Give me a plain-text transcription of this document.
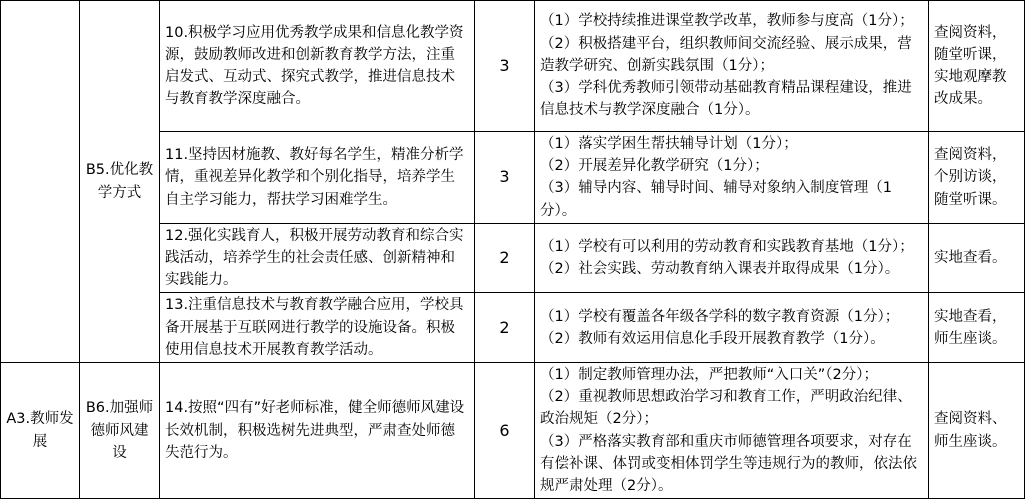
	B5.优化教学方式	10.积极学习应用优秀教学成果和信息化教学资源，鼓励教师改进和创新教育教学方法，注重启发式、互动式、探究式教学，推进信息技术与教育教学深度融合。	3	（1）学校持续推进课堂教学改革，教师参与度高（1分）；
（2）积极搭建平台，组织教师间交流经验、展示成果，营造教学研究、创新实践氛围（1分）；
（3）学科优秀教师引领带动基础教育精品课程建设，推进信息技术与教学深度融合（1分）。	查阅资料，随堂听课，实地观摩教改成果。
		11.坚持因材施教、教好每名学生，精准分析学情，重视差异化教学和个别化指导，培养学生自主学习能力，帮扶学习困难学生。	3	（1）落实学困生帮扶辅导计划（1分）；
（2）开展差异化教学研究（1分）；
（3）辅导内容、辅导时间、辅导对象纳入制度管理（1分）。	查阅资料，个别访谈，随堂听课。
		12.强化实践育人，积极开展劳动教育和综合实践活动，培养学生的社会责任感、创新精神和实践能力。	2	（1）学校有可以利用的劳动教育和实践教育基地（1分）；
（2）社会实践、劳动教育纳入课表并取得成果（1分）。	实地查看。
		13.注重信息技术与教育教学融合应用，学校具备开展基于互联网进行教学的设施设备。积极使用信息技术开展教育教学活动。	2	（1）学校有覆盖各年级各学科的数字教育资源（1分）；
（2）教师有效运用信息化手段开展教育教学（1分）。	实地查看，师生座谈。
A3.教师发展	B6.加强师德师风建设	14.按照“四有”好老师标准，健全师德师风建设长效机制，积极选树先进典型，严肃查处师德失范行为。	6	（1）制定教师管理办法，严把教师“入口关”（2分）；
（2）重视教师思想政治学习和教育工作，严明政治纪律、政治规矩（2分）；
（3）严格落实教育部和重庆市师德管理各项要求，对存在有偿补课、体罚或变相体罚学生等违规行为的教师，依法依规严肃处理（2分）。	查阅资料、师生座谈。
